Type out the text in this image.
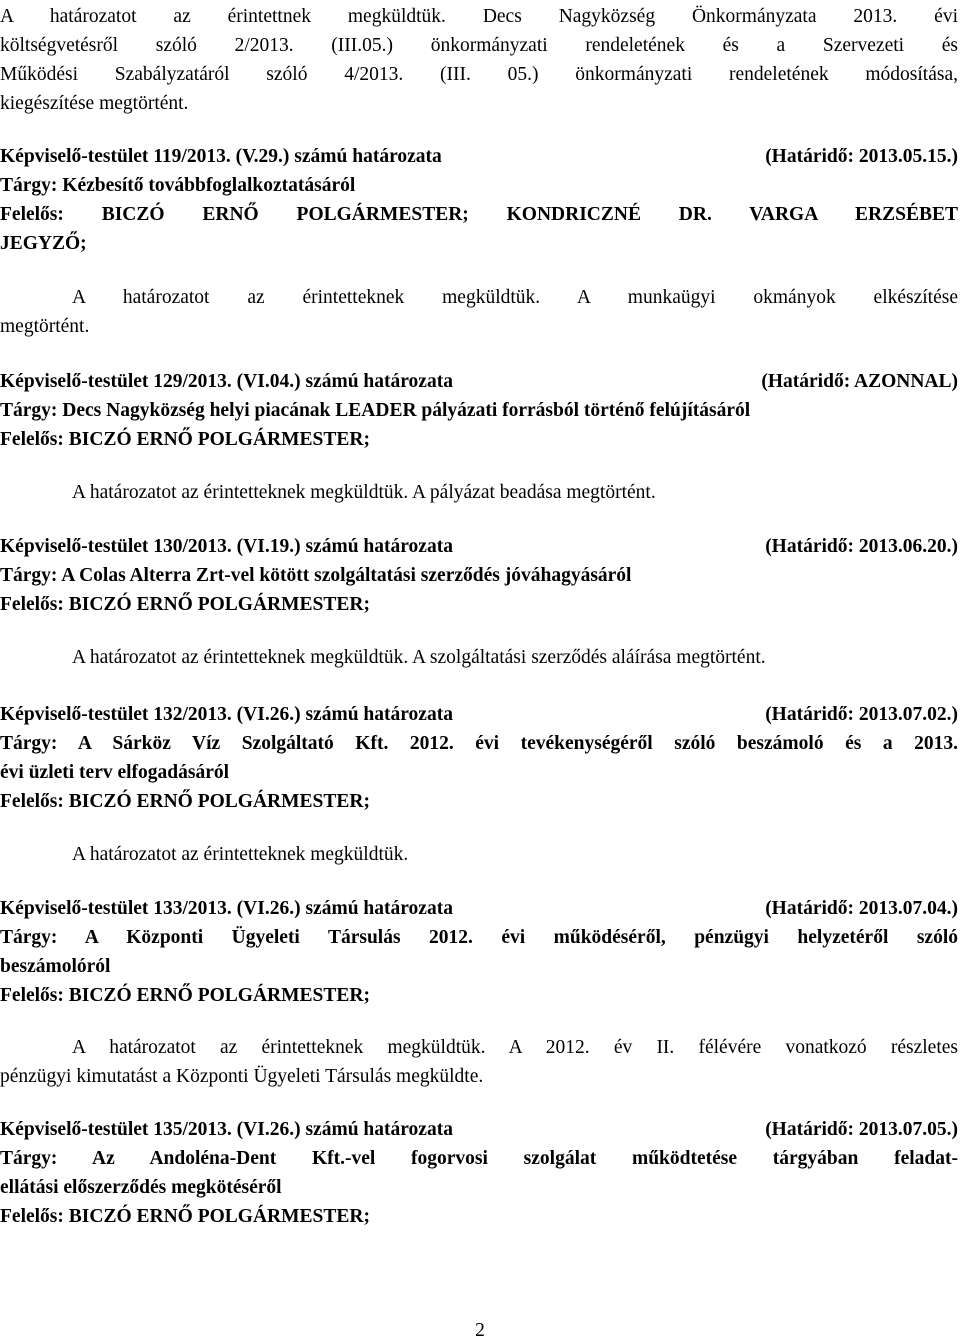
A határozatot az érintettnek megküldtük. Decs Nagyközség Önkormányzata 2013. évi
költségvetésről szóló 2/2013. (III.05.) önkormányzati rendeletének és a Szervezeti és
Működési Szabályzatáról szóló 4/2013. (III. 05.) önkormányzati rendeletének módosítása,
kiegészítése megtörtént.
Képviselő-testület 119/2013. (V.29.) számú határozata	(Határidő: 2013.05.15.)
Tárgy: Kézbesítő továbbfoglalkoztatásáról
Felelős: BICZÓ ERNŐ POLGÁRMESTER; KONDRICZNÉ DR. VARGA ERZSÉBET
JEGYZŐ;
A határozatot az érintetteknek megküldtük. A munkaügyi okmányok elkészítése
megtörtént.
Képviselő-testület 129/2013. (VI.04.) számú határozata	(Határidő: AZONNAL)
Tárgy: Decs Nagyközség helyi piacának LEADER pályázati forrásból történő felújításáról
Felelős: BICZÓ ERNŐ POLGÁRMESTER;
A határozatot az érintetteknek megküldtük. A pályázat beadása megtörtént.
Képviselő-testület 130/2013. (VI.19.) számú határozata	(Határidő: 2013.06.20.)
Tárgy: A Colas Alterra Zrt-vel kötött szolgáltatási szerződés jóváhagyásáról
Felelős: BICZÓ ERNŐ POLGÁRMESTER;
A határozatot az érintetteknek megküldtük. A szolgáltatási szerződés aláírása megtörtént.
Képviselő-testület 132/2013. (VI.26.) számú határozata	(Határidő: 2013.07.02.)
Tárgy: A Sárköz Víz Szolgáltató Kft. 2012. évi tevékenységéről szóló beszámoló és a 2013.
évi üzleti terv elfogadásáról
Felelős: BICZÓ ERNŐ POLGÁRMESTER;
A határozatot az érintetteknek megküldtük.
Képviselő-testület 133/2013. (VI.26.) számú határozata	(Határidő: 2013.07.04.)
Tárgy: A Központi Ügyeleti Társulás 2012. évi működéséről, pénzügyi helyzetéről szóló
beszámolóról
Felelős: BICZÓ ERNŐ POLGÁRMESTER;
A határozatot az érintetteknek megküldtük. A 2012. év II. félévére vonatkozó részletes
pénzügyi kimutatást a Központi Ügyeleti Társulás megküldte.
Képviselő-testület 135/2013. (VI.26.) számú határozata	(Határidő: 2013.07.05.)
Tárgy: Az Andoléna-Dent Kft.-vel fogorvosi szolgálat működtetése tárgyában feladat-
ellátási előszerződés megkötéséről
Felelős: BICZÓ ERNŐ POLGÁRMESTER;
2
